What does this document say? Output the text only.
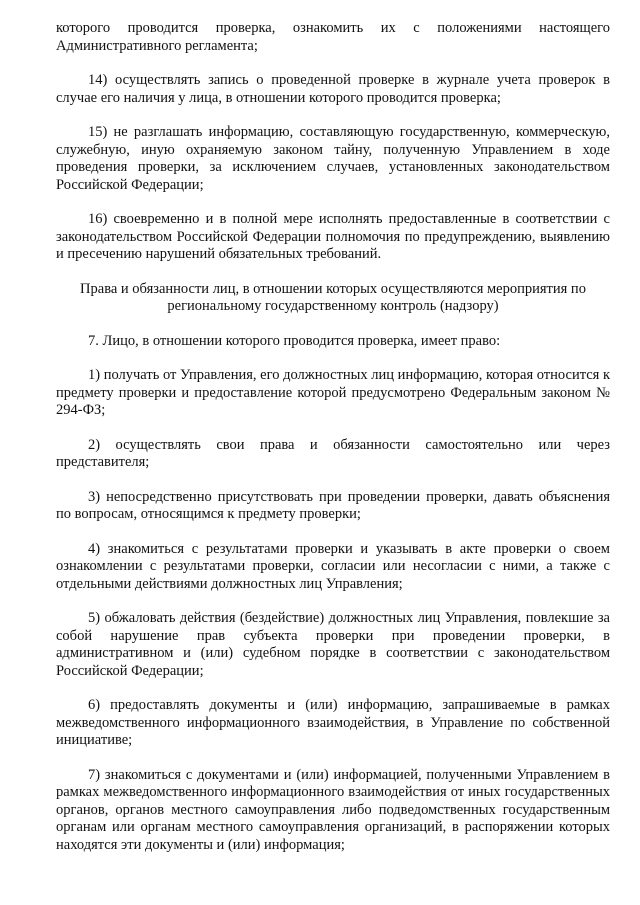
которого проводится проверка, ознакомить их с положениями настоящего Административного регламента;

14) осуществлять запись о проведенной проверке в журнале учета проверок в случае его наличия у лица, в отношении которого проводится проверка;

15) не разглашать информацию, составляющую государственную, коммерческую, служебную, иную охраняемую законом тайну, полученную Управлением в ходе проведения проверки, за исключением случаев, установленных законодательством Российской Федерации;

16) своевременно и в полной мере исполнять предоставленные в соответствии с законодательством Российской Федерации полномочия по предупреждению, выявлению и пресечению нарушений обязательных требований.

Права и обязанности лиц, в отношении которых осуществляются мероприятия по региональному государственному контроль (надзору)

7. Лицо, в отношении которого проводится проверка, имеет право:

1) получать от Управления, его должностных лиц информацию, которая относится к предмету проверки и предоставление которой предусмотрено Федеральным законом № 294-ФЗ;

2) осуществлять свои права и обязанности самостоятельно или через представителя;

3) непосредственно присутствовать при проведении проверки, давать объяснения по вопросам, относящимся к предмету проверки;

4) знакомиться с результатами проверки и указывать в акте проверки о своем ознакомлении с результатами проверки, согласии или несогласии с ними, а также с отдельными действиями должностных лиц Управления;

5) обжаловать действия (бездействие) должностных лиц Управления, повлекшие за собой нарушение прав субъекта проверки при проведении проверки, в административном и (или) судебном порядке в соответствии с законодательством Российской Федерации;

6) предоставлять документы и (или) информацию, запрашиваемые в рамках межведомственного информационного взаимодействия, в Управление по собственной инициативе;

7) знакомиться с документами и (или) информацией, полученными Управлением в рамках межведомственного информационного взаимодействия от иных государственных органов, органов местного самоуправления либо подведомственных государственным органам или органам местного самоуправления организаций, в распоряжении которых находятся эти документы и (или) информация;
